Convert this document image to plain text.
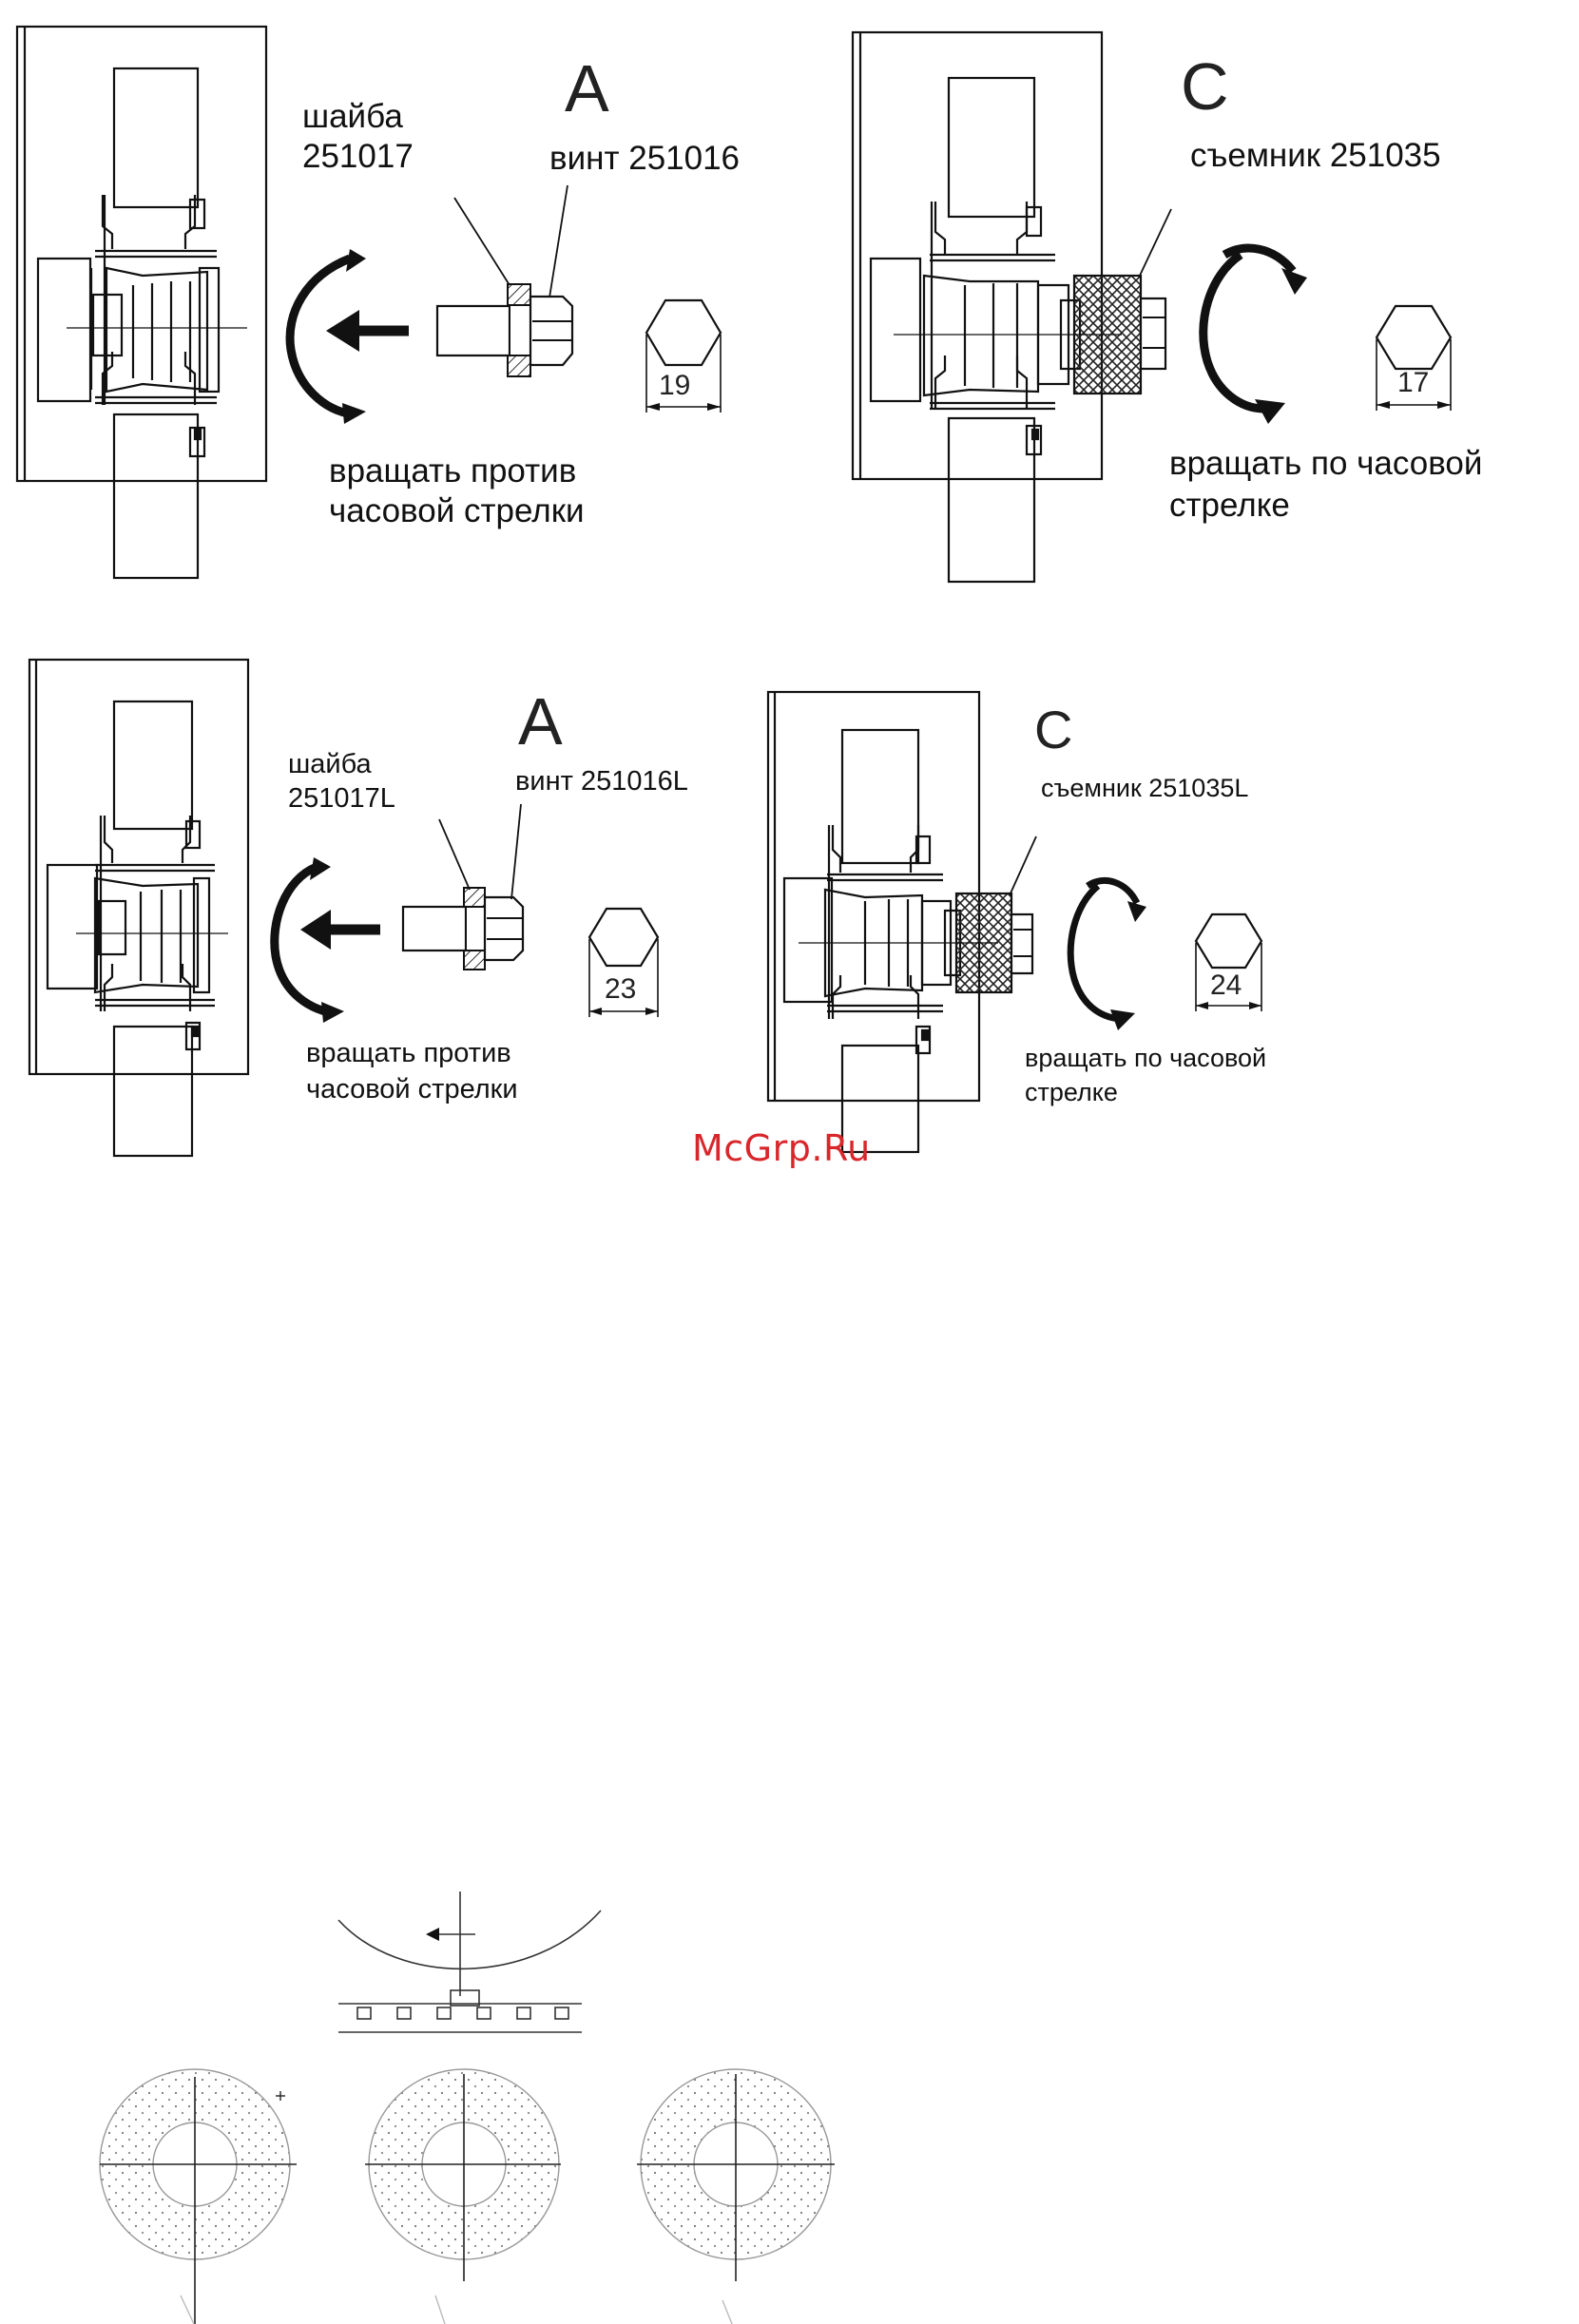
A
шайба
251017	винт 251016
19
вращать против
часовой стрелки
C
съемник 251035
17
вращать по часовой
стрелке
A
шайба
251017L
винт 251016L
23
вращать против
часовой стрелки
C
съемник 251035L
24
вращать по часовой
стрелке
McGrp.Ru
